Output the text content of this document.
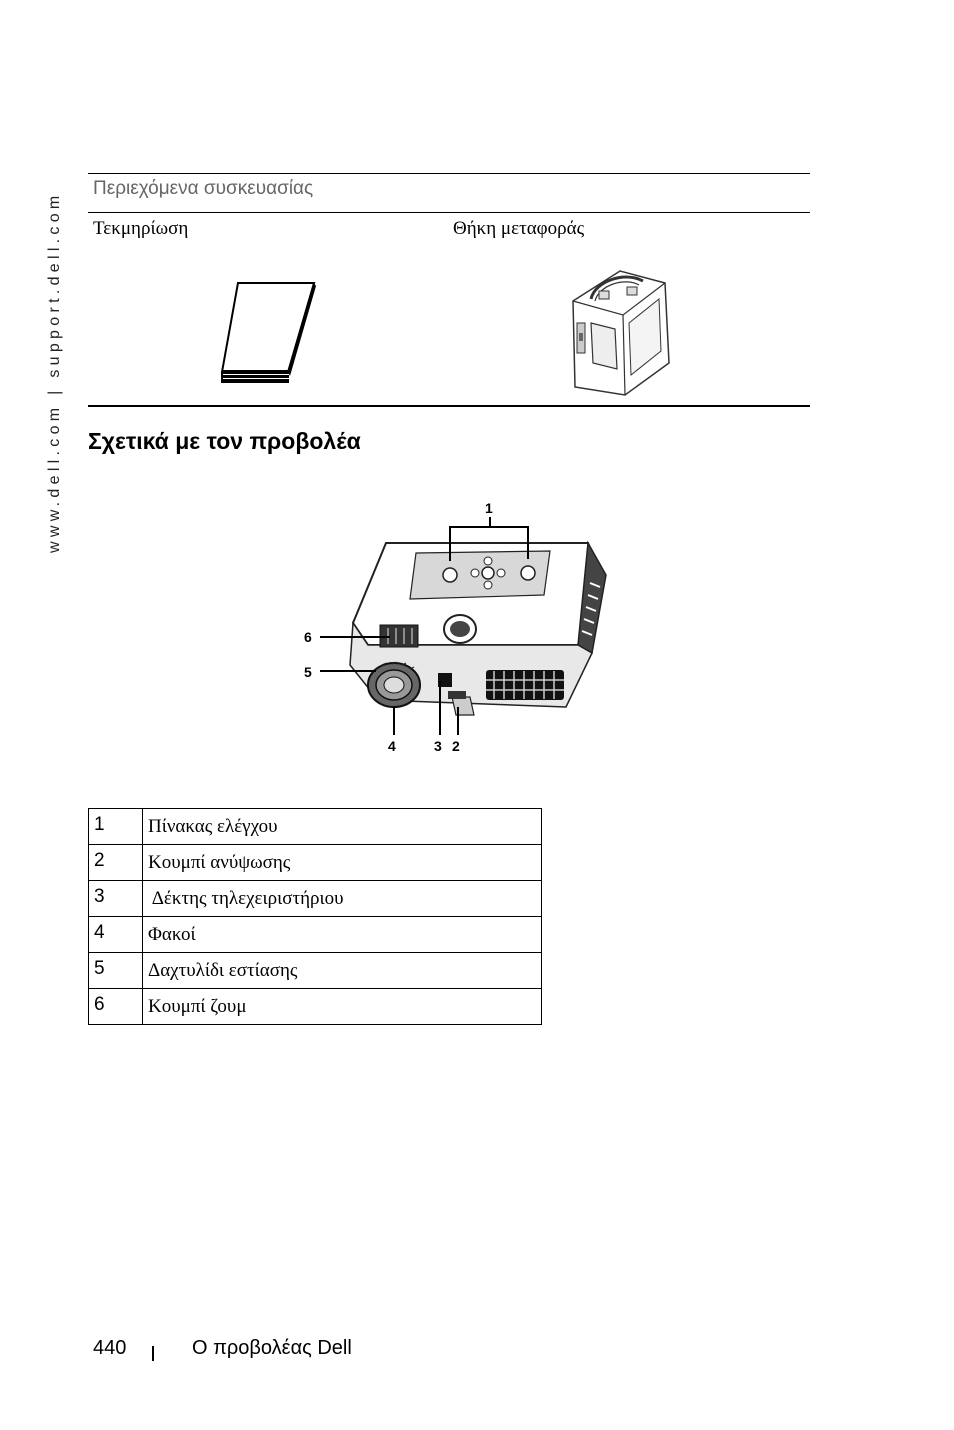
www.dell.com | support.dell.com
Περιεχόμενα συσκευασίας
Τεκμηρίωση	Θήκη μεταφοράς
Σχετικά με τον προβολέα
1
2
3
4
5
6
1	Πίνακας ελέγχου
2	Κουμπί ανύψωσης
3	Δέκτης τηλεχειριστήριου
4	Φακοί
5	Δαχτυλίδι εστίασης
6	Κουμπί ζουμ
440	Ο προβολέας Dell
